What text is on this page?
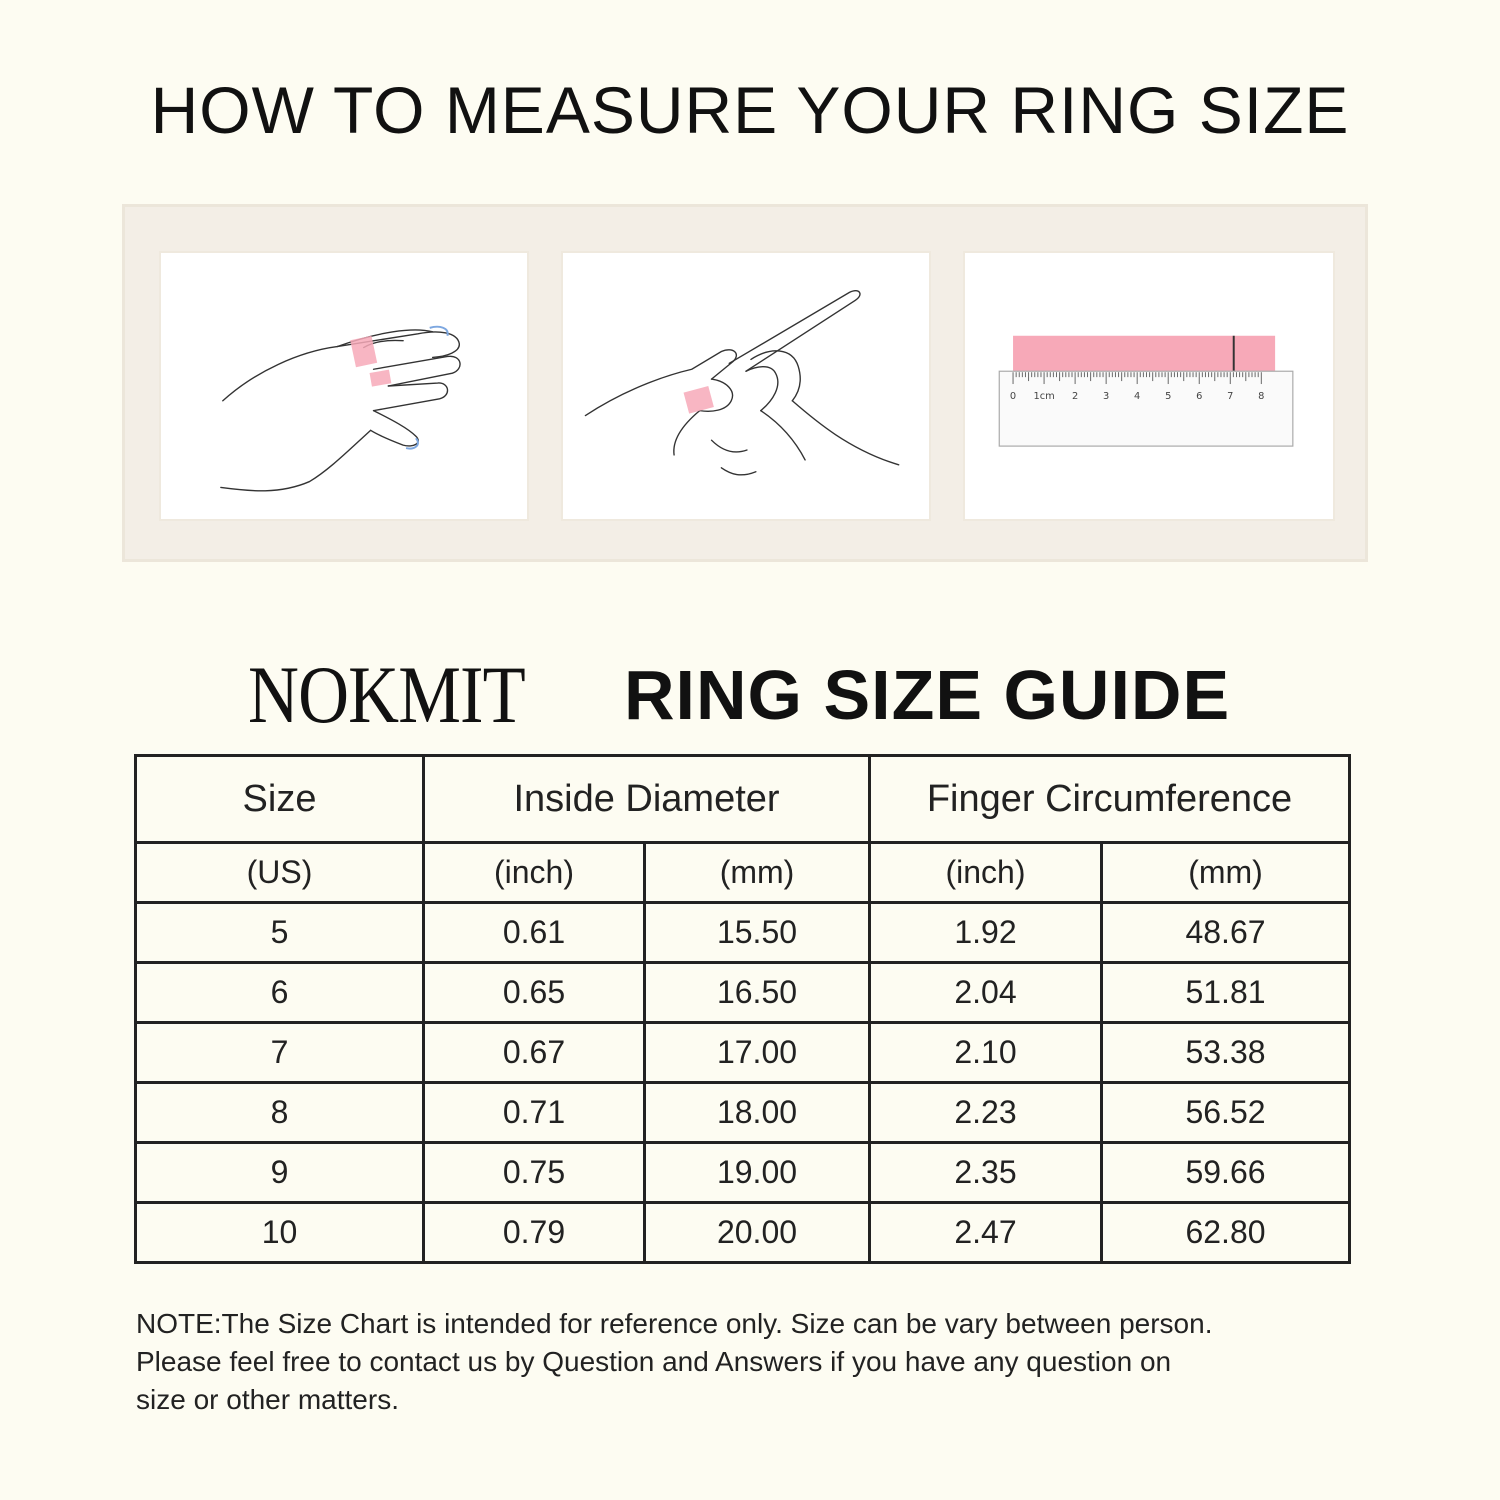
HOW TO MEASURE YOUR RING SIZE
0 1cm 2 3 4 5 6 7 8
NOKMIT RING SIZE GUIDE
Size	Inside Diameter		Finger Circumference	
(US)	(inch)	(mm)	(inch)	(mm)
5	0.61	15.50	1.92	48.67
6	0.65	16.50	2.04	51.81
7	0.67	17.00	2.10	53.38
8	0.71	18.00	2.23	56.52
9	0.75	19.00	2.35	59.66
10	0.79	20.00	2.47	62.80

NOTE:The Size Chart is intended for reference only. Size can be vary between person.

Please feel free to contact us by Question and Answers if you have any question on

size or other matters.
